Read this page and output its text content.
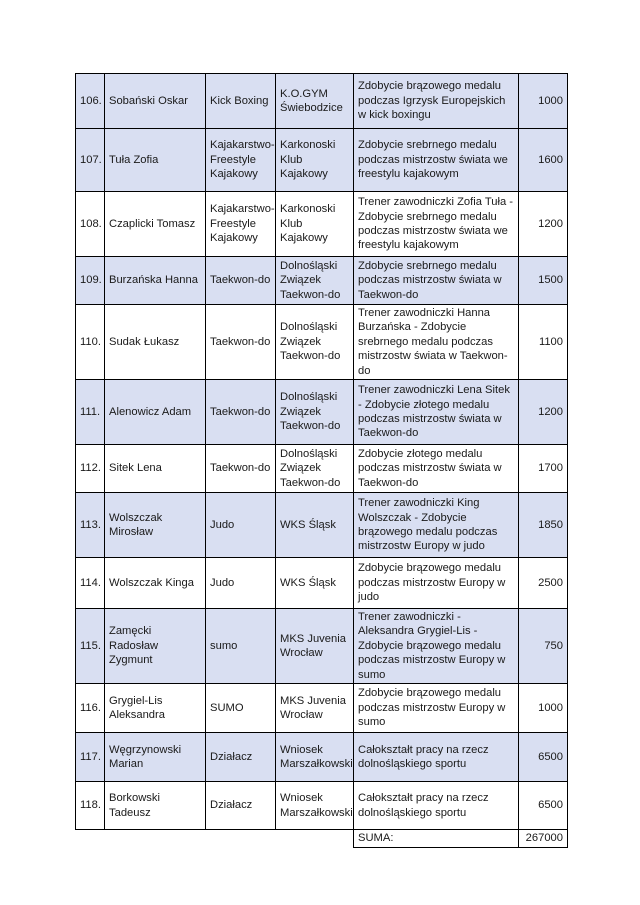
106.	Sobański Oskar	Kick Boxing	K.O.GYM Świebodzice	Zdobycie brązowego medalu podczas Igrzysk Europejskich w kick boxingu	1000
107.	Tuła Zofia	Kajakarstwo-Freestyle Kajakowy	Karkonoski Klub Kajakowy	Zdobycie srebrnego medalu podczas mistrzostw świata we freestylu kajakowym	1600
108.	Czaplicki Tomasz	Kajakarstwo-Freestyle Kajakowy	Karkonoski Klub Kajakowy	Trener zawodniczki Zofia Tuła - Zdobycie srebrnego medalu podczas mistrzostw świata we freestylu kajakowym	1200
109.	Burzańska Hanna	Taekwon-do	Dolnośląski Związek Taekwon-do	Zdobycie srebrnego medalu podczas mistrzostw świata w Taekwon-do	1500
110.	Sudak Łukasz	Taekwon-do	Dolnośląski Związek Taekwon-do	Trener zawodniczki Hanna Burzańska - Zdobycie srebrnego medalu podczas mistrzostw świata w Taekwon-do	1100
111.	Alenowicz Adam	Taekwon-do	Dolnośląski Związek Taekwon-do	Trener zawodniczki Lena Sitek - Zdobycie złotego medalu podczas mistrzostw świata w Taekwon-do	1200
112.	Sitek Lena	Taekwon-do	Dolnośląski Związek Taekwon-do	Zdobycie złotego medalu podczas mistrzostw świata w Taekwon-do	1700
113.	Wolszczak Mirosław	Judo	WKS Śląsk	Trener zawodniczki King Wolszczak - Zdobycie brązowego medalu podczas mistrzostw Europy w judo	1850
114.	Wolszczak Kinga	Judo	WKS Śląsk	Zdobycie brązowego medalu podczas mistrzostw Europy w judo	2500
115.	Zamęcki Radosław Zygmunt	sumo	MKS Juvenia Wrocław	Trener zawodniczki - Aleksandra Grygiel-Lis - Zdobycie brązowego medalu podczas mistrzostw Europy w sumo	750
116.	Grygiel-Lis Aleksandra	SUMO	MKS Juvenia Wrocław	Zdobycie brązowego medalu podczas mistrzostw Europy w sumo	1000
117.	Węgrzynowski Marian	Działacz	Wniosek Marszałkowski	Całokształt pracy na rzecz dolnośląskiego sportu	6500
118.	Borkowski Tadeusz	Działacz	Wniosek Marszałkowski	Całokształt pracy na rzecz dolnośląskiego sportu	6500
				SUMA:	267000
